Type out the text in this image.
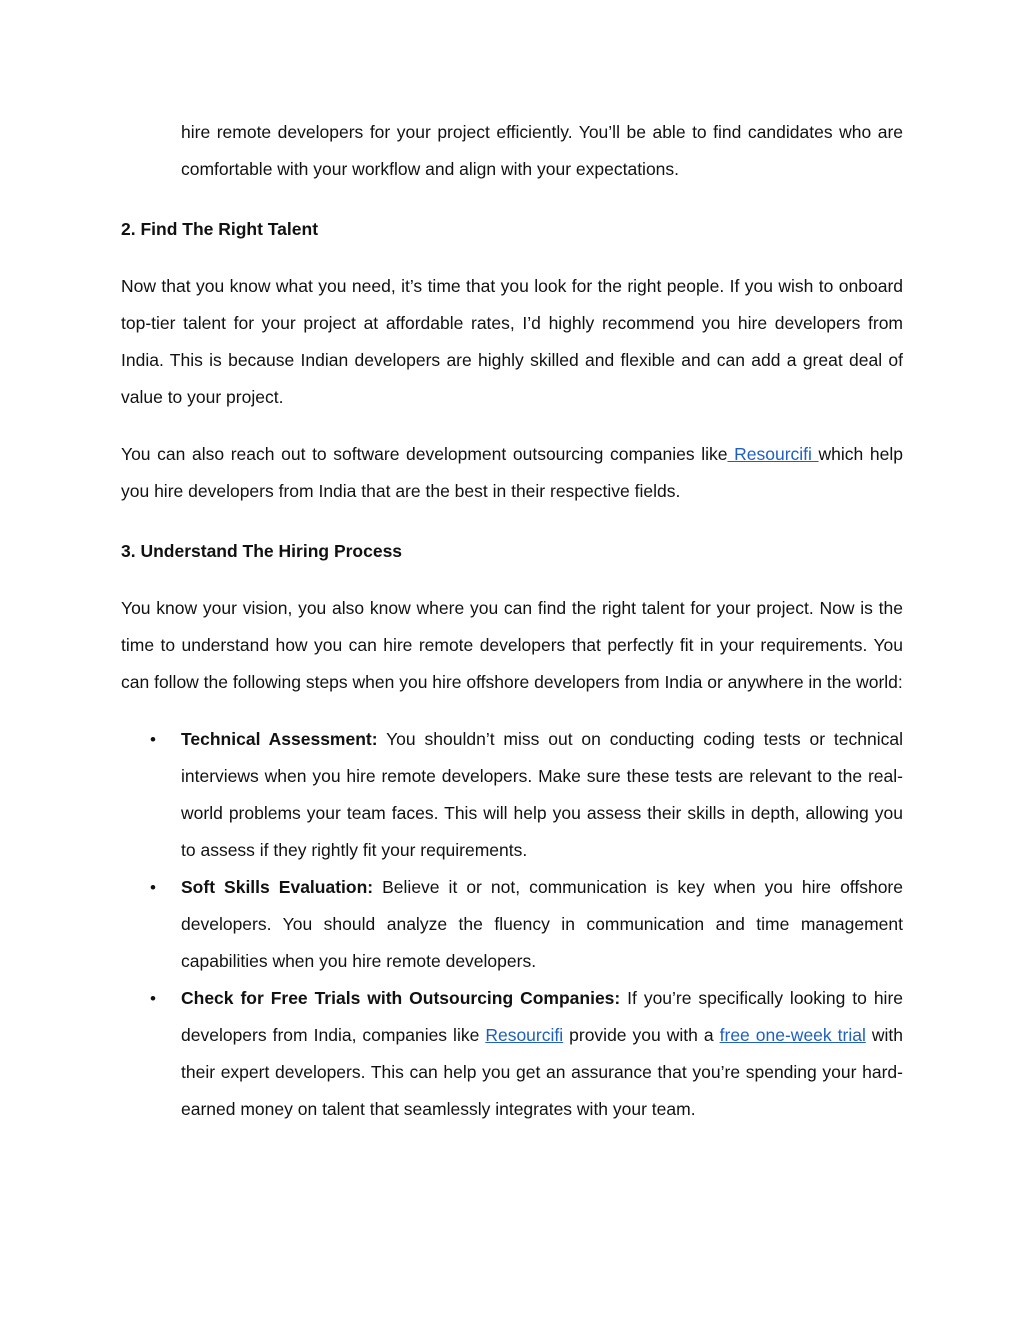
hire remote developers for your project efficiently. You’ll be able to find candidates who are comfortable with your workflow and align with your expectations.

2. Find The Right Talent

Now that you know what you need, it’s time that you look for the right people. If you wish to onboard top-tier talent for your project at affordable rates, I’d highly recommend you hire developers from India. This is because Indian developers are highly skilled and flexible and can add a great deal of value to your project.

You can also reach out to software development outsourcing companies like Resourcifi which help you hire developers from India that are the best in their respective fields.

3. Understand The Hiring Process

You know your vision, you also know where you can find the right talent for your project. Now is the time to understand how you can hire remote developers that perfectly fit in your requirements. You can follow the following steps when you hire offshore developers from India or anywhere in the world:

• Technical Assessment: You shouldn’t miss out on conducting coding tests or technical interviews when you hire remote developers. Make sure these tests are relevant to the real-world problems your team faces. This will help you assess their skills in depth, allowing you to assess if they rightly fit your requirements.
• Soft Skills Evaluation: Believe it or not, communication is key when you hire offshore developers. You should analyze the fluency in communication and time management capabilities when you hire remote developers.
• Check for Free Trials with Outsourcing Companies: If you’re specifically looking to hire developers from India, companies like Resourcifi provide you with a free one-week trial with their expert developers. This can help you get an assurance that you’re spending your hard-earned money on talent that seamlessly integrates with your team.
